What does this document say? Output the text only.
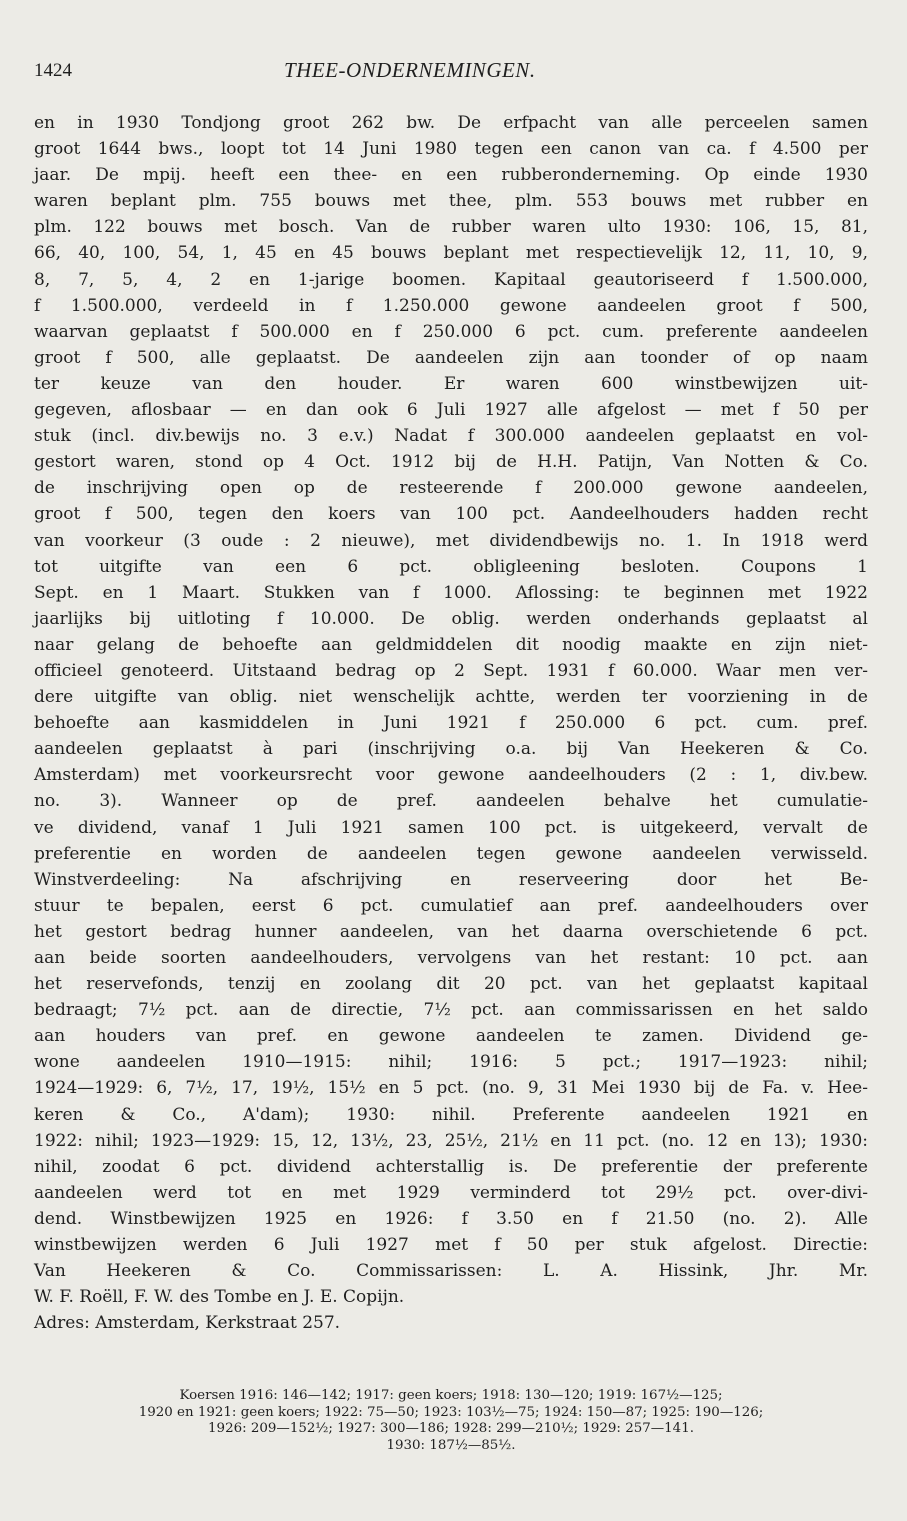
1424	THEE-ONDERNEMINGEN.
en in 1930 Tondjong groot 262 bw. De erfpacht van alle perceelen samen
groot 1644 bws., loopt tot 14 Juni 1980 tegen een canon van ca. f 4.500 per
jaar. De mpij. heeft een thee- en een rubberonderneming. Op einde 1930
waren beplant plm. 755 bouws met thee, plm. 553 bouws met rubber en
plm. 122 bouws met bosch. Van de rubber waren ulto 1930: 106, 15, 81,
66, 40, 100, 54, 1, 45 en 45 bouws beplant met respectievelijk 12, 11, 10, 9,
8, 7, 5, 4, 2 en 1-jarige boomen. Kapitaal geautoriseerd f 1.500.000,
f 1.500.000, verdeeld in f 1.250.000 gewone aandeelen groot f 500,
waarvan geplaatst f 500.000 en f 250.000 6 pct. cum. preferente aandeelen
groot f 500, alle geplaatst. De aandeelen zijn aan toonder of op naam
ter keuze van den houder. Er waren 600 winstbewijzen uit-
gegeven, aflosbaar — en dan ook 6 Juli 1927 alle afgelost — met f 50 per
stuk (incl. div.bewijs no. 3 e.v.) Nadat f 300.000 aandeelen geplaatst en vol-
gestort waren, stond op 4 Oct. 1912 bij de H.H. Patijn, Van Notten & Co.
de inschrijving open op de resteerende f 200.000 gewone aandeelen,
groot f 500, tegen den koers van 100 pct. Aandeelhouders hadden recht
van voorkeur (3 oude : 2 nieuwe), met dividendbewijs no. 1. In 1918 werd
tot uitgifte van een 6 pct. obligleening besloten. Coupons 1
Sept. en 1 Maart. Stukken van f 1000. Aflossing: te beginnen met 1922
jaarlijks bij uitloting f 10.000. De oblig. werden onderhands geplaatst al
naar gelang de behoefte aan geldmiddelen dit noodig maakte en zijn niet-
officieel genoteerd. Uitstaand bedrag op 2 Sept. 1931 f 60.000. Waar men ver-
dere uitgifte van oblig. niet wenschelijk achtte, werden ter voorziening in de
behoefte aan kasmiddelen in Juni 1921 f 250.000 6 pct. cum. pref.
aandeelen geplaatst à pari (inschrijving o.a. bij Van Heekeren & Co.
Amsterdam) met voorkeursrecht voor gewone aandeelhouders (2 : 1, div.bew.
no. 3). Wanneer op de pref. aandeelen behalve het cumulatie-
ve dividend, vanaf 1 Juli 1921 samen 100 pct. is uitgekeerd, vervalt de
preferentie en worden de aandeelen tegen gewone aandeelen verwisseld.
Winstverdeeling: Na afschrijving en reserveering door het Be-
stuur te bepalen, eerst 6 pct. cumulatief aan pref. aandeelhouders over
het gestort bedrag hunner aandeelen, van het daarna overschietende 6 pct.
aan beide soorten aandeelhouders, vervolgens van het restant: 10 pct. aan
het reservefonds, tenzij en zoolang dit 20 pct. van het geplaatst kapitaal
bedraagt; 7½ pct. aan de directie, 7½ pct. aan commissarissen en het saldo
aan houders van pref. en gewone aandeelen te zamen. Dividend ge-
wone aandeelen 1910—1915: nihil; 1916: 5 pct.; 1917—1923: nihil;
1924—1929: 6, 7½, 17, 19½, 15½ en 5 pct. (no. 9, 31 Mei 1930 bij de Fa. v. Hee-
keren & Co., A'dam); 1930: nihil. Preferente aandeelen 1921 en
1922: nihil; 1923—1929: 15, 12, 13½, 23, 25½, 21½ en 11 pct. (no. 12 en 13); 1930:
nihil, zoodat 6 pct. dividend achterstallig is. De preferentie der preferente
aandeelen werd tot en met 1929 verminderd tot 29½ pct. over-divi-
dend. Winstbewijzen 1925 en 1926: f 3.50 en f 21.50 (no. 2). Alle
winstbewijzen werden 6 Juli 1927 met f 50 per stuk afgelost. Directie:
Van Heekeren & Co. Commissarissen: L. A. Hissink, Jhr. Mr.
W. F. Roëll, F. W. des Tombe en J. E. Copijn.
Adres: Amsterdam, Kerkstraat 257.
Koersen 1916: 146—142; 1917: geen koers; 1918: 130—120; 1919: 167½—125;
1920 en 1921: geen koers; 1922: 75—50; 1923: 103½—75; 1924: 150—87; 1925: 190—126;
1926: 209—152½; 1927: 300—186; 1928: 299—210½; 1929: 257—141.
1930: 187½—85½.
